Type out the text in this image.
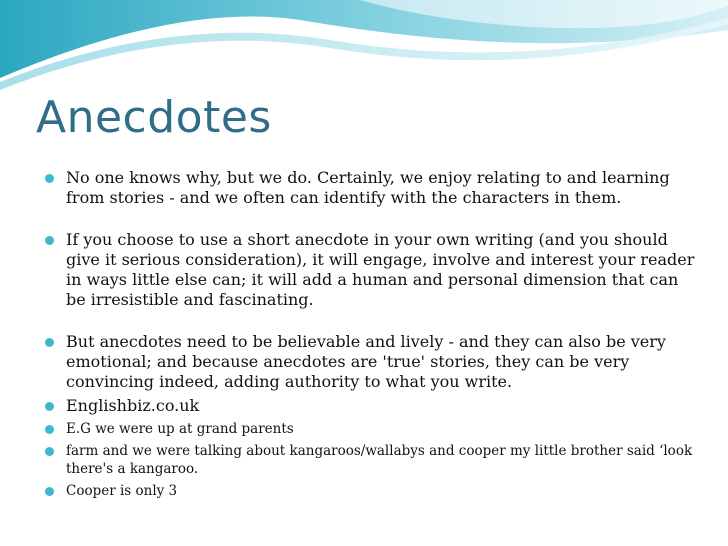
Anecdotes
No one knows why, but we do. Certainly, we enjoy relating to and learning from stories - and we often can identify with the characters in them.
If you choose to use a short anecdote in your own writing (and you should give it serious consideration), it will engage, involve and interest your reader in ways little else can; it will add a human and personal dimension that can be irresistible and fascinating.
But anecdotes need to be believable and lively - and they can also be very emotional; and because anecdotes are 'true' stories, they can be very convincing indeed, adding authority to what you write.
Englishbiz.co.uk
E.G we were up at grand parents
farm and we were talking about kangaroos/wallabys and cooper my little brother said ‘look there's a kangaroo.
Cooper is only 3
